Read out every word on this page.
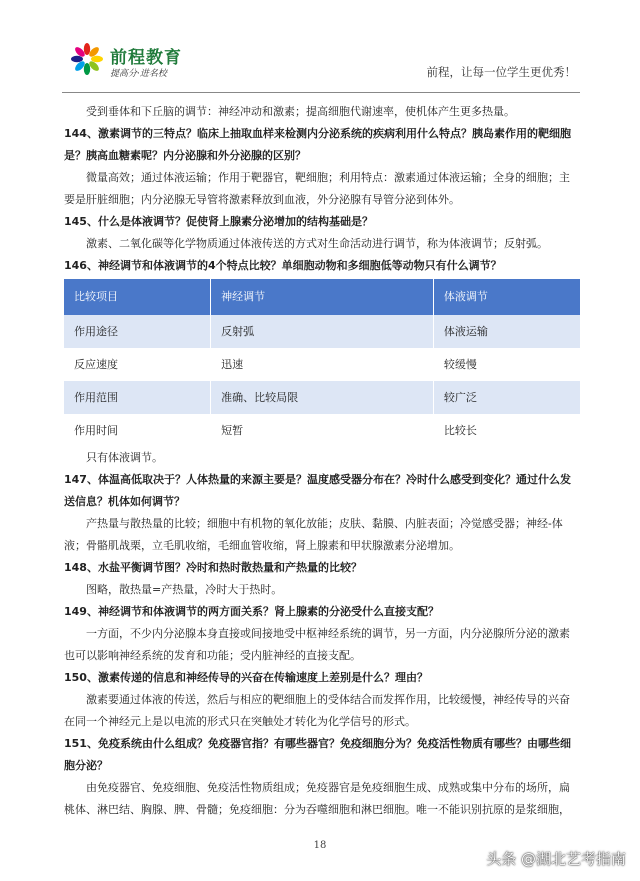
前程教育
提高分·进名校	前程，让每一位学生更优秀！

受到垂体和下丘脑的调节：神经冲动和激素；提高细胞代谢速率，使机体产生更多热量。

144、激素调节的三特点？临床上抽取血样来检测内分泌系统的疾病利用什么特点？胰岛素作用的靶细胞是？胰高血糖素呢？内分泌腺和外分泌腺的区别？

微量高效；通过体液运输；作用于靶器官，靶细胞；利用特点：激素通过体液运输；全身的细胞；主要是肝脏细胞；内分泌腺无导管将激素释放到血液，外分泌腺有导管分泌到体外。

145、什么是体液调节？促使肾上腺素分泌增加的结构基础是？

激素、二氧化碳等化学物质通过体液传送的方式对生命活动进行调节，称为体液调节；反射弧。

146、神经调节和体液调节的4个特点比较？单细胞动物和多细胞低等动物只有什么调节？

比较项目	神经调节	体液调节
作用途径	反射弧	体液运输
反应速度	迅速	较缓慢
作用范围	准确、比较局限	较广泛
作用时间	短暂	比较长

只有体液调节。

147、体温高低取决于？人体热量的来源主要是？温度感受器分布在？冷时什么感受到变化？通过什么发送信息？机体如何调节？

产热量与散热量的比较；细胞中有机物的氧化放能；皮肤、黏膜、内脏表面；冷觉感受器；神经-体液；骨骼肌战栗，立毛肌收缩，毛细血管收缩，肾上腺素和甲状腺激素分泌增加。

148、水盐平衡调节图？冷时和热时散热量和产热量的比较？

图略，散热量=产热量，冷时大于热时。

149、神经调节和体液调节的两方面关系？肾上腺素的分泌受什么直接支配？

一方面，不少内分泌腺本身直接或间接地受中枢神经系统的调节，另一方面，内分泌腺所分泌的激素也可以影响神经系统的发育和功能；受内脏神经的直接支配。

150、激素传递的信息和神经传导的兴奋在传输速度上差别是什么？理由？

激素要通过体液的传送，然后与相应的靶细胞上的受体结合而发挥作用，比较缓慢，神经传导的兴奋在同一个神经元上是以电流的形式只在突触处才转化为化学信号的形式。

151、免疫系统由什么组成？免疫器官指？有哪些器官？免疫细胞分为？免疫活性物质有哪些？由哪些细胞分泌？

由免疫器官、免疫细胞、免疫活性物质组成；免疫器官是免疫细胞生成、成熟或集中分布的场所，扁桃体、淋巴结、胸腺、脾、骨髓；免疫细胞：分为吞噬细胞和淋巴细胞。唯一不能识别抗原的是浆细胞，

18
头条 @湖北艺考指南
